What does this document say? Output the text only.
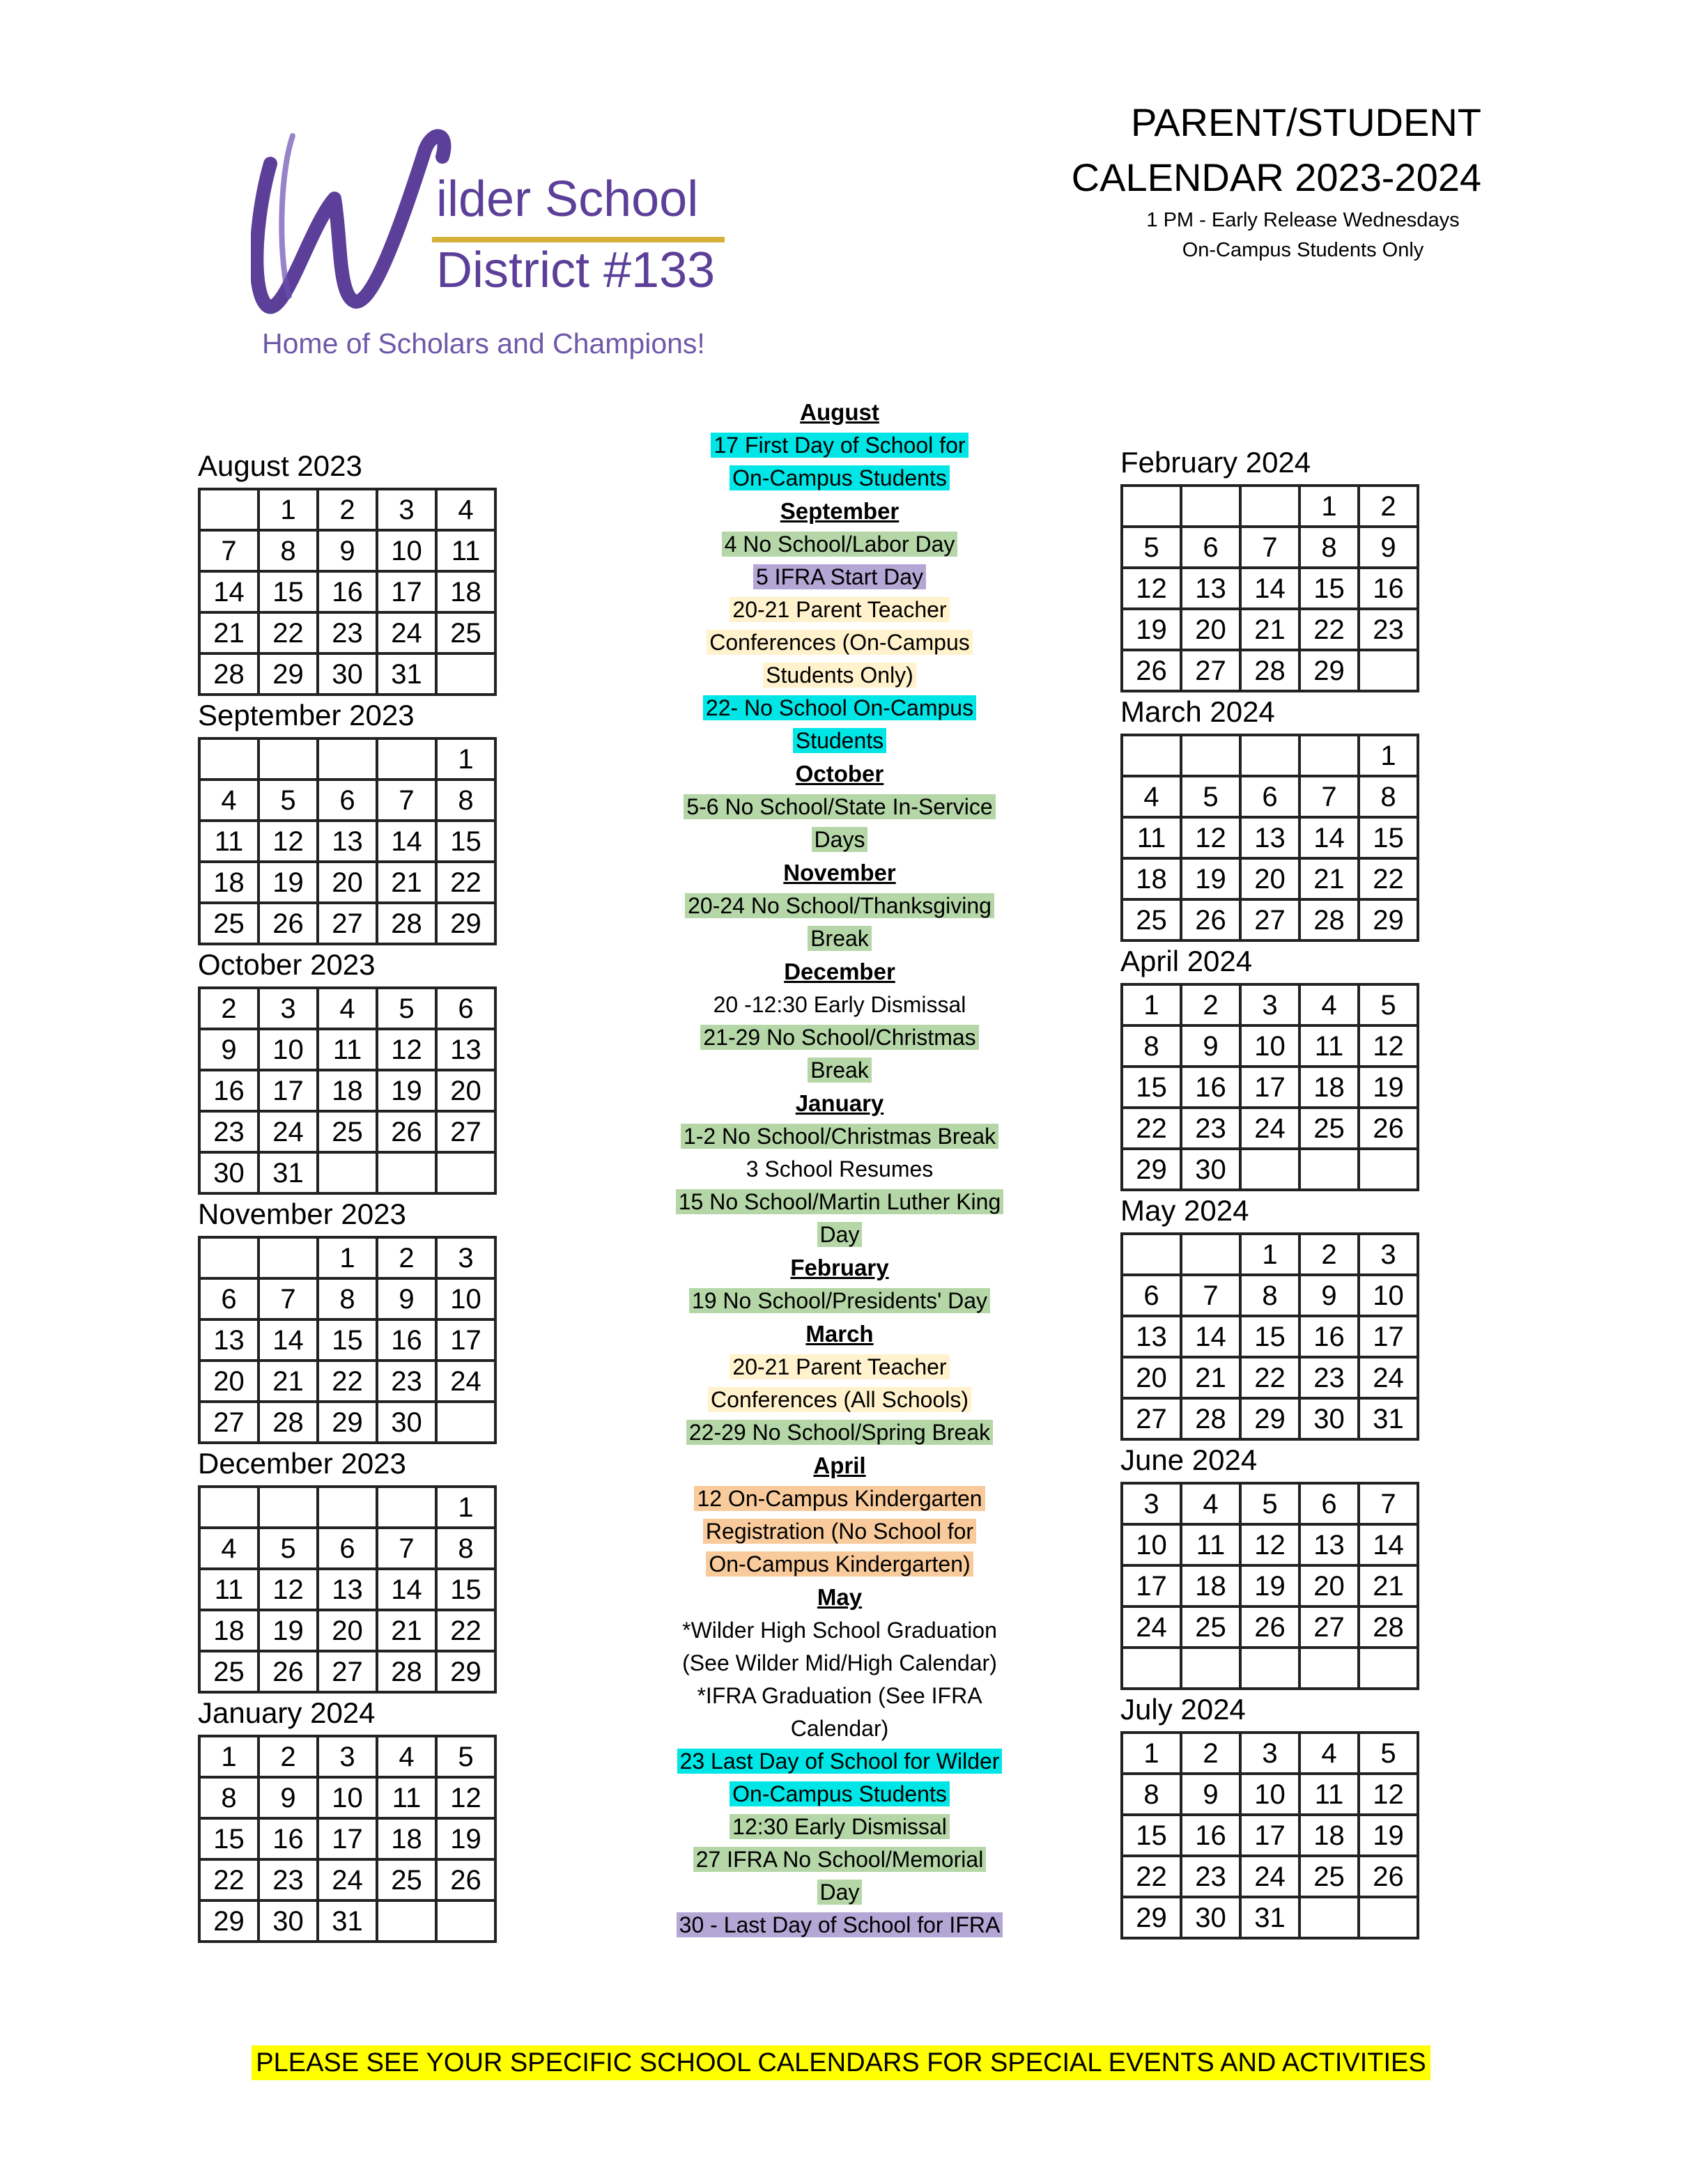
ilder School
District #133
Home of Scholars and Champions!
PARENT/STUDENT
CALENDAR 2023-2024
1 PM - Early Release Wednesdays
On-Campus Students Only
August 2023
	1	2	3	4
7	8	9	10	11
14	15	16	17	18
21	22	23	24	25
28	29	30	31	
September 2023
				1
4	5	6	7	8
11	12	13	14	15
18	19	20	21	22
25	26	27	28	29
October 2023
2	3	4	5	6
9	10	11	12	13
16	17	18	19	20
23	24	25	26	27
30	31			
November 2023
		1	2	3
6	7	8	9	10
13	14	15	16	17
20	21	22	23	24
27	28	29	30	
December 2023
				1
4	5	6	7	8
11	12	13	14	15
18	19	20	21	22
25	26	27	28	29
January 2024
1	2	3	4	5
8	9	10	11	12
15	16	17	18	19
22	23	24	25	26
29	30	31		
February 2024
			1	2
5	6	7	8	9
12	13	14	15	16
19	20	21	22	23
26	27	28	29	
March 2024
				1
4	5	6	7	8
11	12	13	14	15
18	19	20	21	22
25	26	27	28	29
April 2024
1	2	3	4	5
8	9	10	11	12
15	16	17	18	19
22	23	24	25	26
29	30			
May 2024
		1	2	3
6	7	8	9	10
13	14	15	16	17
20	21	22	23	24
27	28	29	30	31
June 2024
3	4	5	6	7
10	11	12	13	14
17	18	19	20	21
24	25	26	27	28

July 2024
1	2	3	4	5
8	9	10	11	12
15	16	17	18	19
22	23	24	25	26
29	30	31		
August
17 First Day of School for
On-Campus Students
September
4 No School/Labor Day
5 IFRA Start Day
20-21 Parent Teacher
Conferences (On-Campus
Students Only)
22- No School On-Campus
Students
October
5-6 No School/State In-Service
Days
November
20-24 No School/Thanksgiving
Break
December
20 -12:30 Early Dismissal
21-29 No School/Christmas
Break
January
1-2 No School/Christmas Break
3 School Resumes
15 No School/Martin Luther King
Day
February
19 No School/Presidents' Day
March
20-21 Parent Teacher
Conferences (All Schools)
22-29 No School/Spring Break
April
12 On-Campus Kindergarten
Registration (No School for
On-Campus Kindergarten)
May
*Wilder High School Graduation
(See Wilder Mid/High Calendar)
*IFRA Graduation (See IFRA
Calendar)
23 Last Day of School for Wilder
On-Campus Students
12:30 Early Dismissal
27 IFRA No School/Memorial
Day
30 - Last Day of School for IFRA
PLEASE SEE YOUR SPECIFIC SCHOOL CALENDARS FOR SPECIAL EVENTS AND ACTIVITIES
